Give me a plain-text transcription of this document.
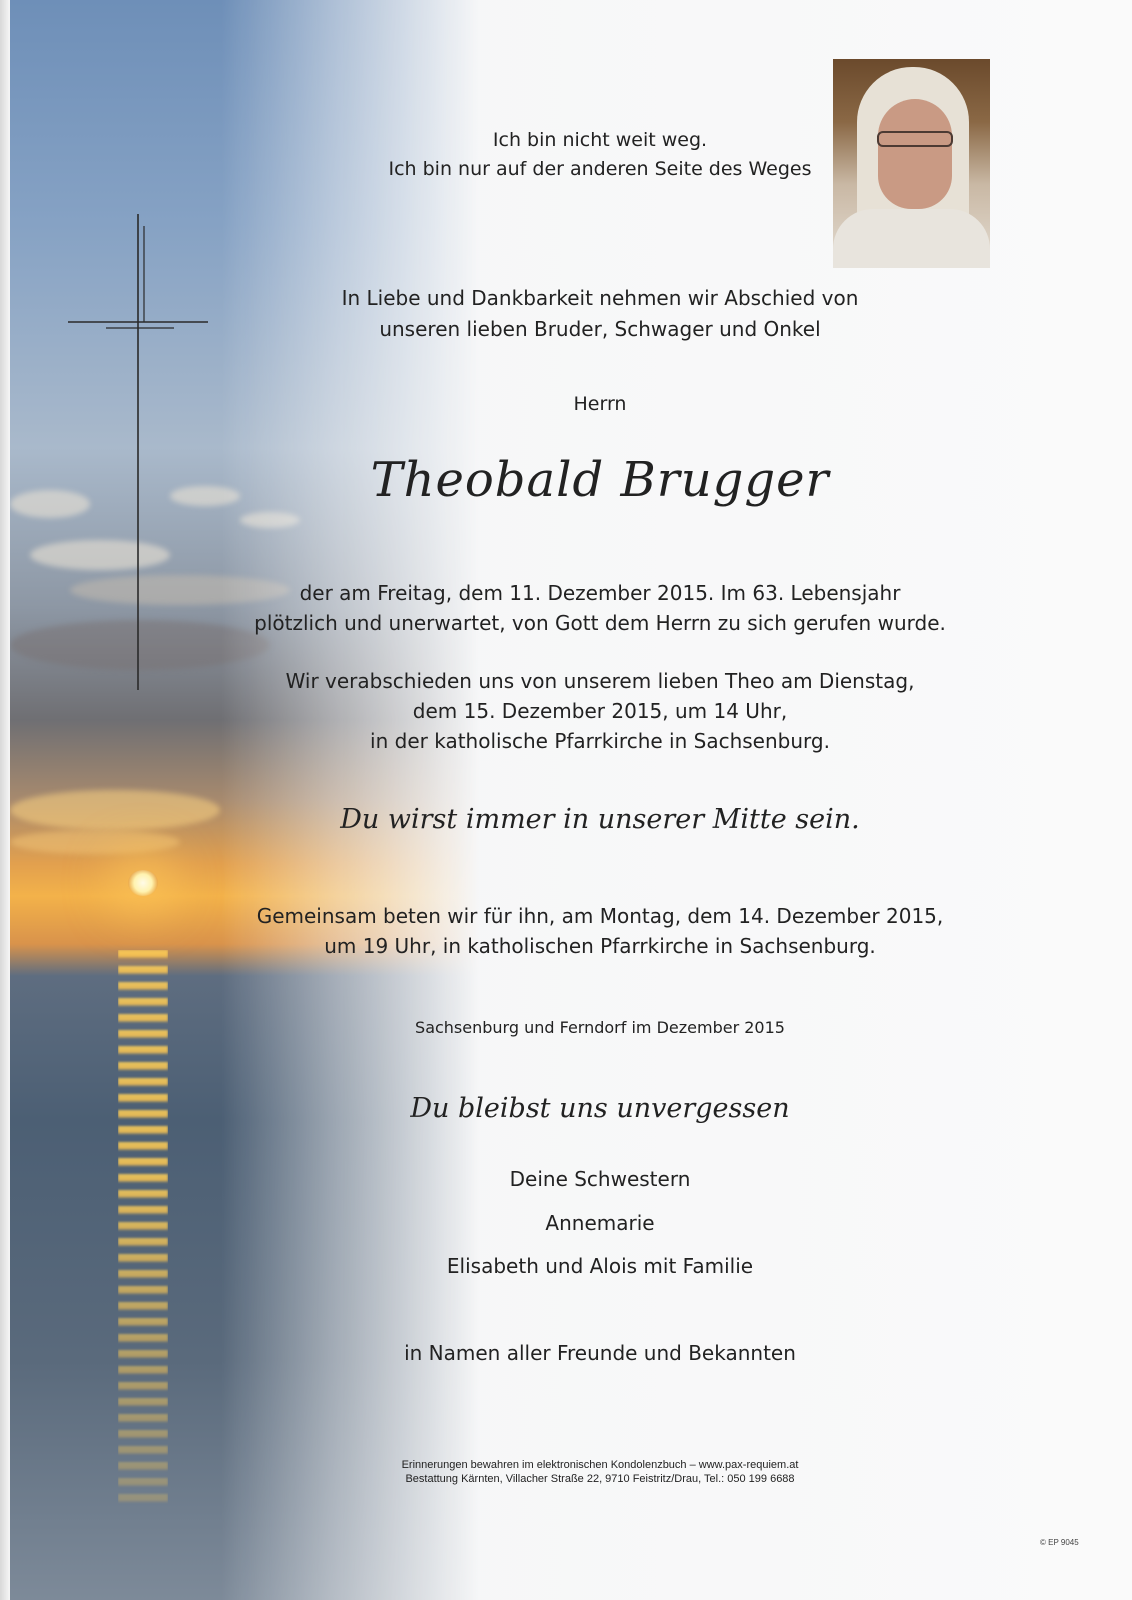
Ich bin nicht weit weg.
Ich bin nur auf der anderen Seite des Weges
In Liebe und Dankbarkeit nehmen wir Abschied von
unseren lieben Bruder, Schwager und Onkel
Herrn
Theobald Brugger
der am Freitag, dem 11. Dezember 2015. Im 63. Lebensjahr
plötzlich und unerwartet, von Gott dem Herrn zu sich gerufen wurde.
Wir verabschieden uns von unserem lieben Theo am Dienstag,
dem 15. Dezember 2015, um 14 Uhr,
in der katholische Pfarrkirche in Sachsenburg.
Du wirst immer in unserer Mitte sein.
Gemeinsam beten wir für ihn, am Montag, dem 14. Dezember 2015,
um 19 Uhr, in katholischen Pfarrkirche in Sachsenburg.
Sachsenburg und Ferndorf im Dezember 2015
Du bleibst uns unvergessen
Deine Schwestern
Annemarie
Elisabeth und Alois mit Familie
in Namen aller Freunde und Bekannten
Erinnerungen bewahren im elektronischen Kondolenzbuch – www.pax-requiem.at
Bestattung Kärnten, Villacher Straße 22, 9710 Feistritz/Drau, Tel.: 050 199 6688
© EP 9045
